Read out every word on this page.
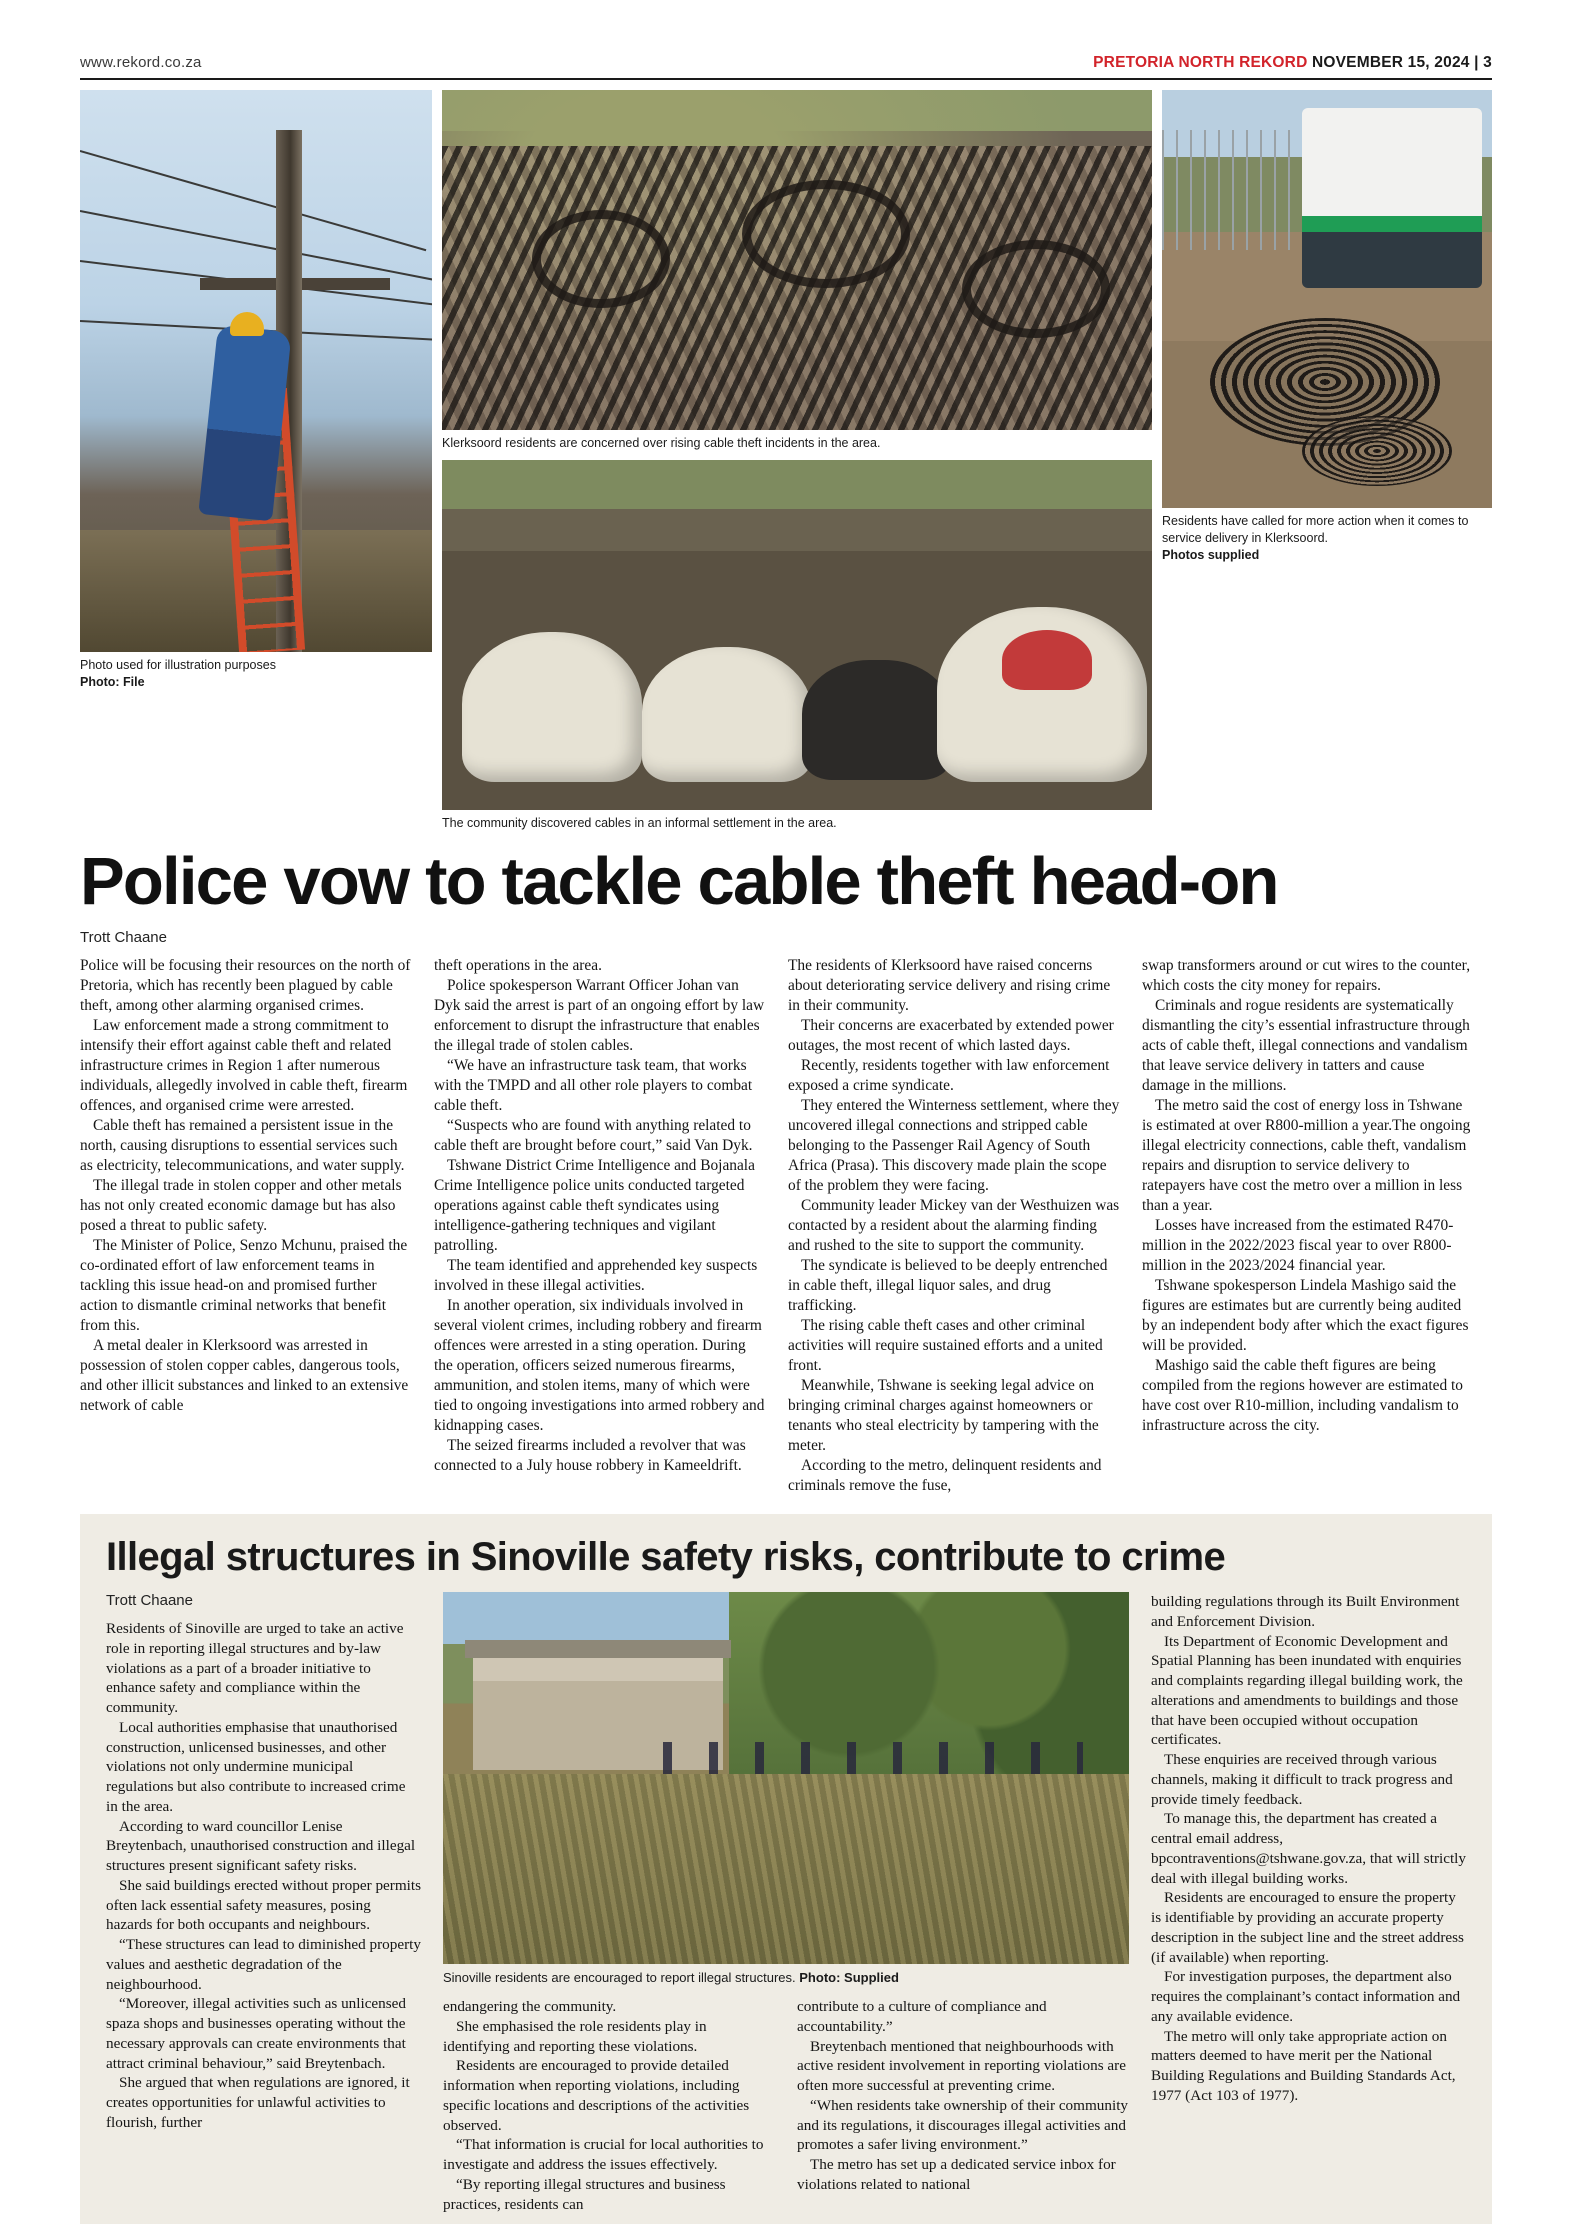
www.rekord.co.za	PRETORIA NORTH REKORD NOVEMBER 15, 2024 | 3
Photo used for illustration purposes
Photo: File
Klerksoord residents are concerned over rising cable theft incidents in the area.
The community discovered cables in an informal settlement in the area.
Residents have called for more action when it comes to service delivery in Klerksoord.
Photos supplied
Police vow to tackle cable theft head-on
Trott Chaane

Police will be focusing their resources on the north of Pretoria, which has recently been plagued by cable theft, among other alarming organised crimes.

Law enforcement made a strong commitment to intensify their effort against cable theft and related infrastructure crimes in Region 1 after numerous individuals, allegedly involved in cable theft, firearm offences, and organised crime were arrested.

Cable theft has remained a persistent issue in the north, causing disruptions to essential services such as electricity, telecommunications, and water supply.

The illegal trade in stolen copper and other metals has not only created economic damage but has also posed a threat to public safety.

The Minister of Police, Senzo Mchunu, praised the co-ordinated effort of law enforcement teams in tackling this issue head-on and promised further action to dismantle criminal networks that benefit from this.

A metal dealer in Klerksoord was arrested in possession of stolen copper cables, dangerous tools, and other illicit substances and linked to an extensive network of cable

theft operations in the area.

Police spokesperson Warrant Officer Johan van Dyk said the arrest is part of an ongoing effort by law enforcement to disrupt the infrastructure that enables the illegal trade of stolen cables.

“We have an infrastructure task team, that works with the TMPD and all other role players to combat cable theft.

“Suspects who are found with anything related to cable theft are brought before court,” said Van Dyk.

Tshwane District Crime Intelligence and Bojanala Crime Intelligence police units conducted targeted operations against cable theft syndicates using intelligence-gathering techniques and vigilant patrolling.

The team identified and apprehended key suspects involved in these illegal activities.

In another operation, six individuals involved in several violent crimes, including robbery and firearm offences were arrested in a sting operation. During the operation, officers seized numerous firearms, ammunition, and stolen items, many of which were tied to ongoing investigations into armed robbery and kidnapping cases.

The seized firearms included a revolver that was connected to a July house robbery in Kameeldrift.

The residents of Klerksoord have raised concerns about deteriorating service delivery and rising crime in their community.

Their concerns are exacerbated by extended power outages, the most recent of which lasted days.

Recently, residents together with law enforcement exposed a crime syndicate.

They entered the Winterness settlement, where they uncovered illegal connections and stripped cable belonging to the Passenger Rail Agency of South Africa (Prasa). This discovery made plain the scope of the problem they were facing.

Community leader Mickey van der Westhuizen was contacted by a resident about the alarming finding and rushed to the site to support the community.

The syndicate is believed to be deeply entrenched in cable theft, illegal liquor sales, and drug trafficking.

The rising cable theft cases and other criminal activities will require sustained efforts and a united front.

Meanwhile, Tshwane is seeking legal advice on bringing criminal charges against homeowners or tenants who steal electricity by tampering with the meter.

According to the metro, delinquent residents and criminals remove the fuse,

swap transformers around or cut wires to the counter, which costs the city money for repairs.

Criminals and rogue residents are systematically dismantling the city’s essential infrastructure through acts of cable theft, illegal connections and vandalism that leave service delivery in tatters and cause damage in the millions.

The metro said the cost of energy loss in Tshwane is estimated at over R800-million a year.The ongoing illegal electricity connections, cable theft, vandalism repairs and disruption to service delivery to ratepayers have cost the metro over a million in less than a year.

Losses have increased from the estimated R470-million in the 2022/2023 fiscal year to over R800-million in the 2023/2024 financial year.

Tshwane spokesperson Lindela Mashigo said the figures are estimates but are currently being audited by an independent body after which the exact figures will be provided.

Mashigo said the cable theft figures are being compiled from the regions however are estimated to have cost over R10-million, including vandalism to infrastructure across the city.

Illegal structures in Sinoville safety risks, contribute to crime
Trott Chaane

Residents of Sinoville are urged to take an active role in reporting illegal structures and by-law violations as a part of a broader initiative to enhance safety and compliance within the community.

Local authorities emphasise that unauthorised construction, unlicensed businesses, and other violations not only undermine municipal regulations but also contribute to increased crime in the area.

According to ward councillor Lenise Breytenbach, unauthorised construction and illegal structures present significant safety risks.

She said buildings erected without proper permits often lack essential safety measures, posing hazards for both occupants and neighbours.

“These structures can lead to diminished property values and aesthetic degradation of the neighbourhood.

“Moreover, illegal activities such as unlicensed spaza shops and businesses operating without the necessary approvals can create environments that attract criminal behaviour,” said Breytenbach.

She argued that when regulations are ignored, it creates opportunities for unlawful activities to flourish, further

Sinoville residents are encouraged to report illegal structures. Photo: Supplied

endangering the community.

She emphasised the role residents play in identifying and reporting these violations.

Residents are encouraged to provide detailed information when reporting violations, including specific locations and descriptions of the activities observed.

“That information is crucial for local authorities to investigate and address the issues effectively.

“By reporting illegal structures and business practices, residents can

contribute to a culture of compliance and accountability.”

Breytenbach mentioned that neighbourhoods with active resident involvement in reporting violations are often more successful at preventing crime.

“When residents take ownership of their community and its regulations, it discourages illegal activities and promotes a safer living environment.”

The metro has set up a dedicated service inbox for violations related to national

building regulations through its Built Environment and Enforcement Division.

Its Department of Economic Development and Spatial Planning has been inundated with enquiries and complaints regarding illegal building work, the alterations and amendments to buildings and those that have been occupied without occupation certificates.

These enquiries are received through various channels, making it difficult to track progress and provide timely feedback.

To manage this, the department has created a central email address, bpcontraventions@tshwane.gov.za, that will strictly deal with illegal building works.

Residents are encouraged to ensure the property is identifiable by providing an accurate property description in the subject line and the street address (if available) when reporting.

For investigation purposes, the department also requires the complainant’s contact information and any available evidence.

The metro will only take appropriate action on matters deemed to have merit per the National Building Regulations and Building Standards Act, 1977 (Act 103 of 1977).
